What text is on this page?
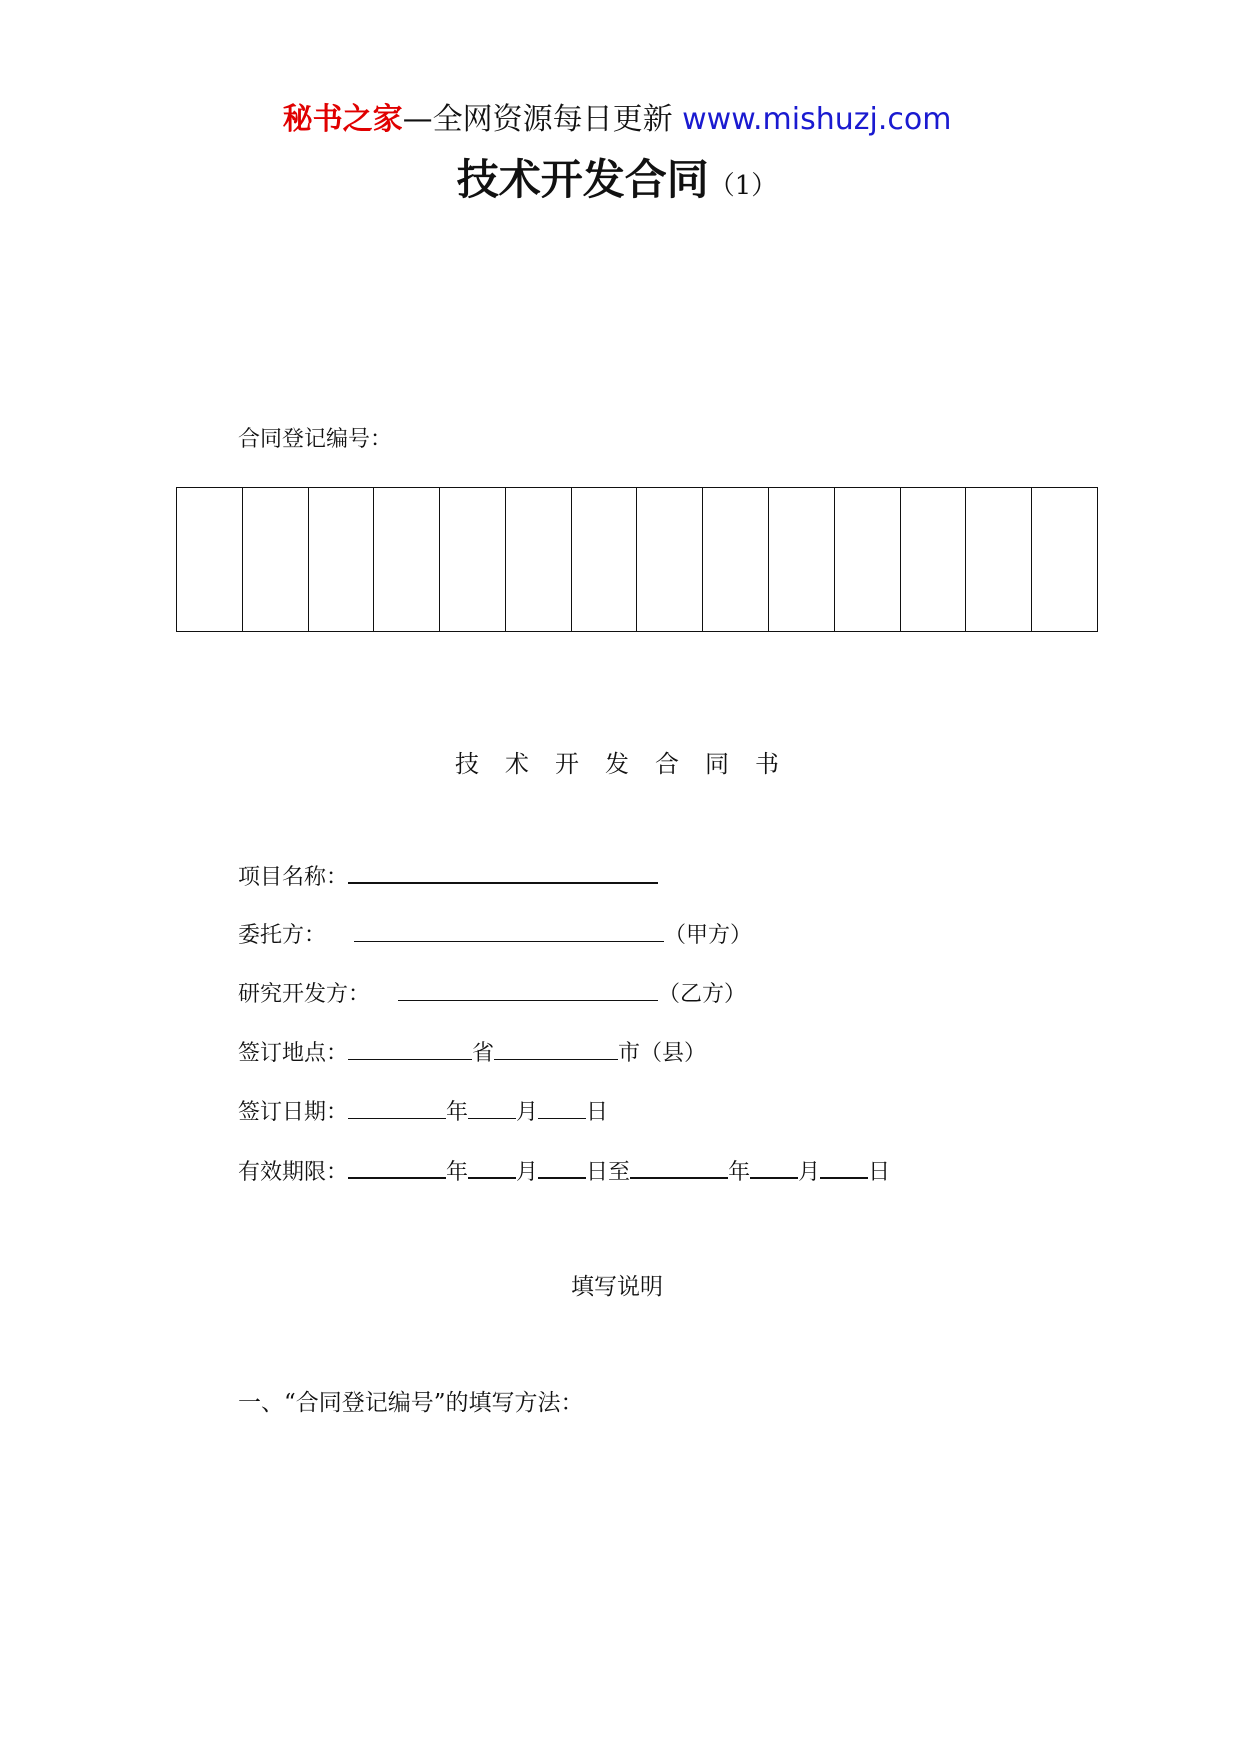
秘书之家—全网资源每日更新 www.mishuzj.com
技术开发合同（1）
合同登记编号：

技术开发合同书
项目名称：
委托方：	（甲方）
研究开发方：	（乙方）
签订地点：	省	市（县）
签订日期：	年 月 日
有效期限：	年 月 日至	年 月 日
填写说明
一、“合同登记编号”的填写方法：
